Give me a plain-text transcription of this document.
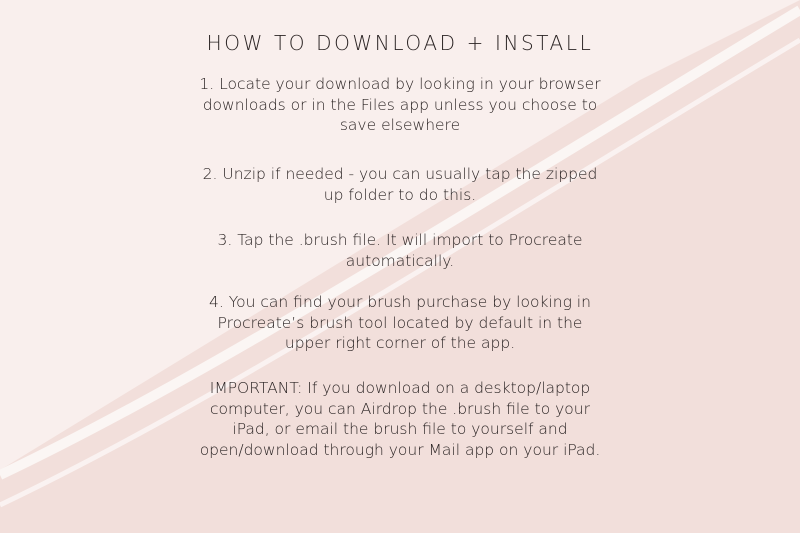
HOW TO DOWNLOAD + INSTALL
1. Locate your download by looking in your browser
downloads or in the Files app unless you choose to
save elsewhere
2. Unzip if needed - you can usually tap the zipped
up folder to do this.
3. Tap the .brush file. It will import to Procreate
automatically.
4. You can find your brush purchase by looking in
Procreate’s brush tool located by default in the
upper right corner of the app.
IMPORTANT: If you download on a desktop/laptop
computer, you can Airdrop the .brush file to your
iPad, or email the brush file to yourself and
open/download through your Mail app on your iPad.
